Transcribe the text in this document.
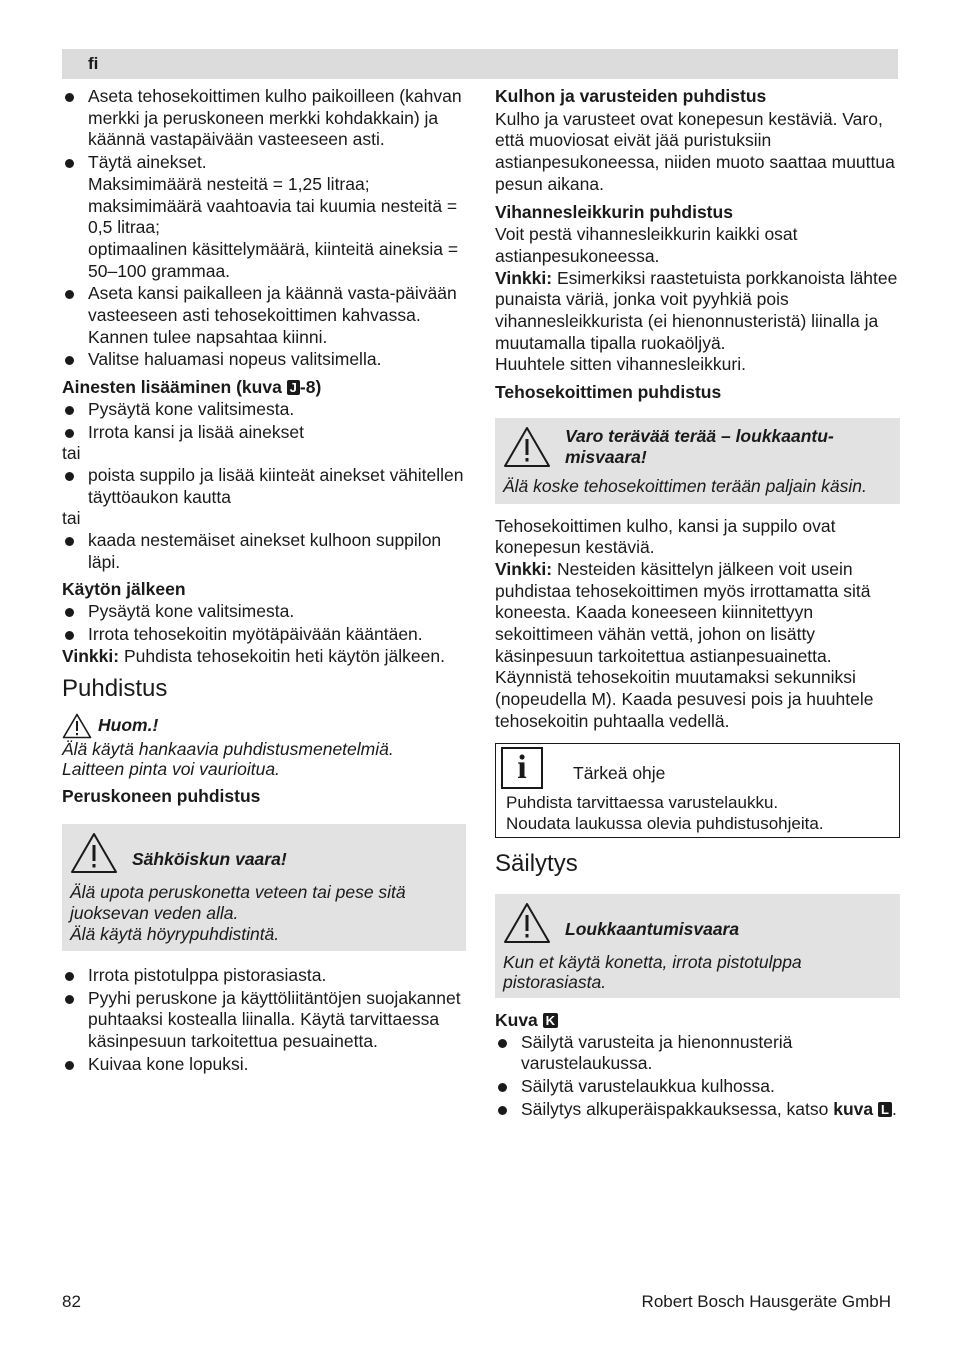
fi
Aseta tehosekoittimen kulho paikoilleen (kahvan merkki ja peruskoneen merkki kohdakkain) ja käännä vastapäivään vasteeseen asti.
Täytä ainekset.
Maksimimäärä nesteitä = 1,25 litraa;
maksimimäärä vaahtoavia tai kuumia nesteitä = 0,5 litraa;
optimaalinen käsittelymäärä, kiinteitä aineksia = 50–100 grammaa.
Aseta kansi paikalleen ja käännä vasta-päivään vasteeseen asti tehosekoittimen kahvassa. Kannen tulee napsahtaa kiinni.
Valitse haluamasi nopeus valitsimella.

Ainesten lisääminen (kuva J -8)

Pysäytä kone valitsimesta.
Irrota kansi ja lisää ainekset

tai

poista suppilo ja lisää kiinteät ainekset vähitellen täyttöaukon kautta

tai

kaada nestemäiset ainekset kulhoon suppilon läpi.

Käytön jälkeen

Pysäytä kone valitsimesta.
Irrota tehosekoitin myötäpäivään kääntäen.

Vinkki: Puhdista tehosekoitin heti käytön jälkeen.

Puhdistus

Huom.!

Älä käytä hankaavia puhdistusmenetelmiä.
Laitteen pinta voi vaurioitua.

Peruskoneen puhdistus

Sähköiskun vaara!

Älä upota peruskonetta veteen tai pese sitä juoksevan veden alla.
Älä käytä höyrypuhdistintä.

Irrota pistotulppa pistorasiasta.
Pyyhi peruskone ja käyttöliitäntöjen suojakannet puhtaaksi kostealla liinalla. Käytä tarvittaessa käsinpesuun tarkoitettua pesuainetta.
Kuivaa kone lopuksi.

Kulhon ja varusteiden puhdistus

Kulho ja varusteet ovat konepesun kestäviä. Varo, että muoviosat eivät jää puristuksiin astianpesukoneessa, niiden muoto saattaa muuttua pesun aikana.

Vihannesleikkurin puhdistus

Voit pestä vihannesleikkurin kaikki osat astianpesukoneessa.

Vinkki: Esimerkiksi raastetuista porkkanoista lähtee punaista väriä, jonka voit pyyhkiä pois vihannesleikkurista (ei hienonnusteristä) liinalla ja muutamalla tipalla ruokaöljyä.

Huuhtele sitten vihannesleikkuri.

Tehosekoittimen puhdistus

Varo terävää terää – loukkaantu-misvaara!

Älä koske tehosekoittimen terään paljain käsin.

Tehosekoittimen kulho, kansi ja suppilo ovat konepesun kestäviä.

Vinkki: Nesteiden käsittelyn jälkeen voit usein puhdistaa tehosekoittimen myös irrottamatta sitä koneesta. Kaada koneeseen kiinnitettyyn sekoittimeen vähän vettä, johon on lisätty käsinpesuun tarkoitettua astianpesuainetta. Käynnistä tehosekoitin muutamaksi sekunniksi (nopeudella M). Kaada pesuvesi pois ja huuhtele tehosekoitin puhtaalla vedellä.

i	Tärkeä ohje

Puhdista tarvittaessa varustelaukku.
Noudata laukussa olevia puhdistusohjeita.

Säilytys

Loukkaantumisvaara

Kun et käytä konetta, irrota pistotulppa pistorasiasta.

Kuva K

Säilytä varusteita ja hienonnusteriä varustelaukussa.
Säilytä varustelaukkua kulhossa.
Säilytys alkuperäispakkauksessa, katso kuva L .
82	Robert Bosch Hausgeräte GmbH
